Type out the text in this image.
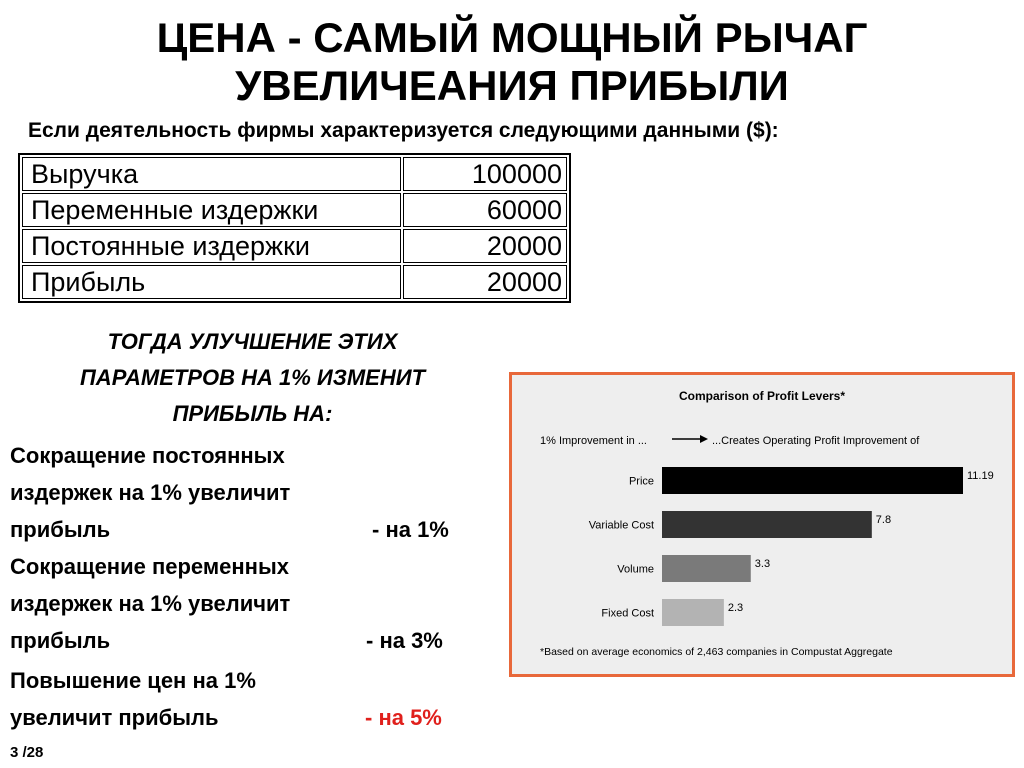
ЦЕНА - САМЫЙ МОЩНЫЙ РЫЧАГ
УВЕЛИЧЕАНИЯ ПРИБЫЛИ
Если деятельность фирмы характеризуется следующими данными ($):
Выручка	100000
Переменные издержки	60000
Постоянные издержки	20000
Прибыль	20000
ТОГДА УЛУЧШЕНИЕ ЭТИХ
ПАРАМЕТРОВ НА 1% ИЗМЕНИТ
ПРИБЫЛЬ НА:
Сокращение постоянных
издержек на 1% увеличит
прибыль	- на 1%
Сокращение переменных
издержек на 1% увеличит
прибыль	- на 3%
Повышение цен на 1%
увеличит прибыль	- на 5%
Comparison of Profit Levers*
1% Improvement in ...	...Creates Operating Profit Improvement of
Price	11.19
Variable Cost	7.8
Volume	3.3
Fixed Cost	2.3
*Based on average economics of 2,463 companies in Compustat Aggregate
3 /28
